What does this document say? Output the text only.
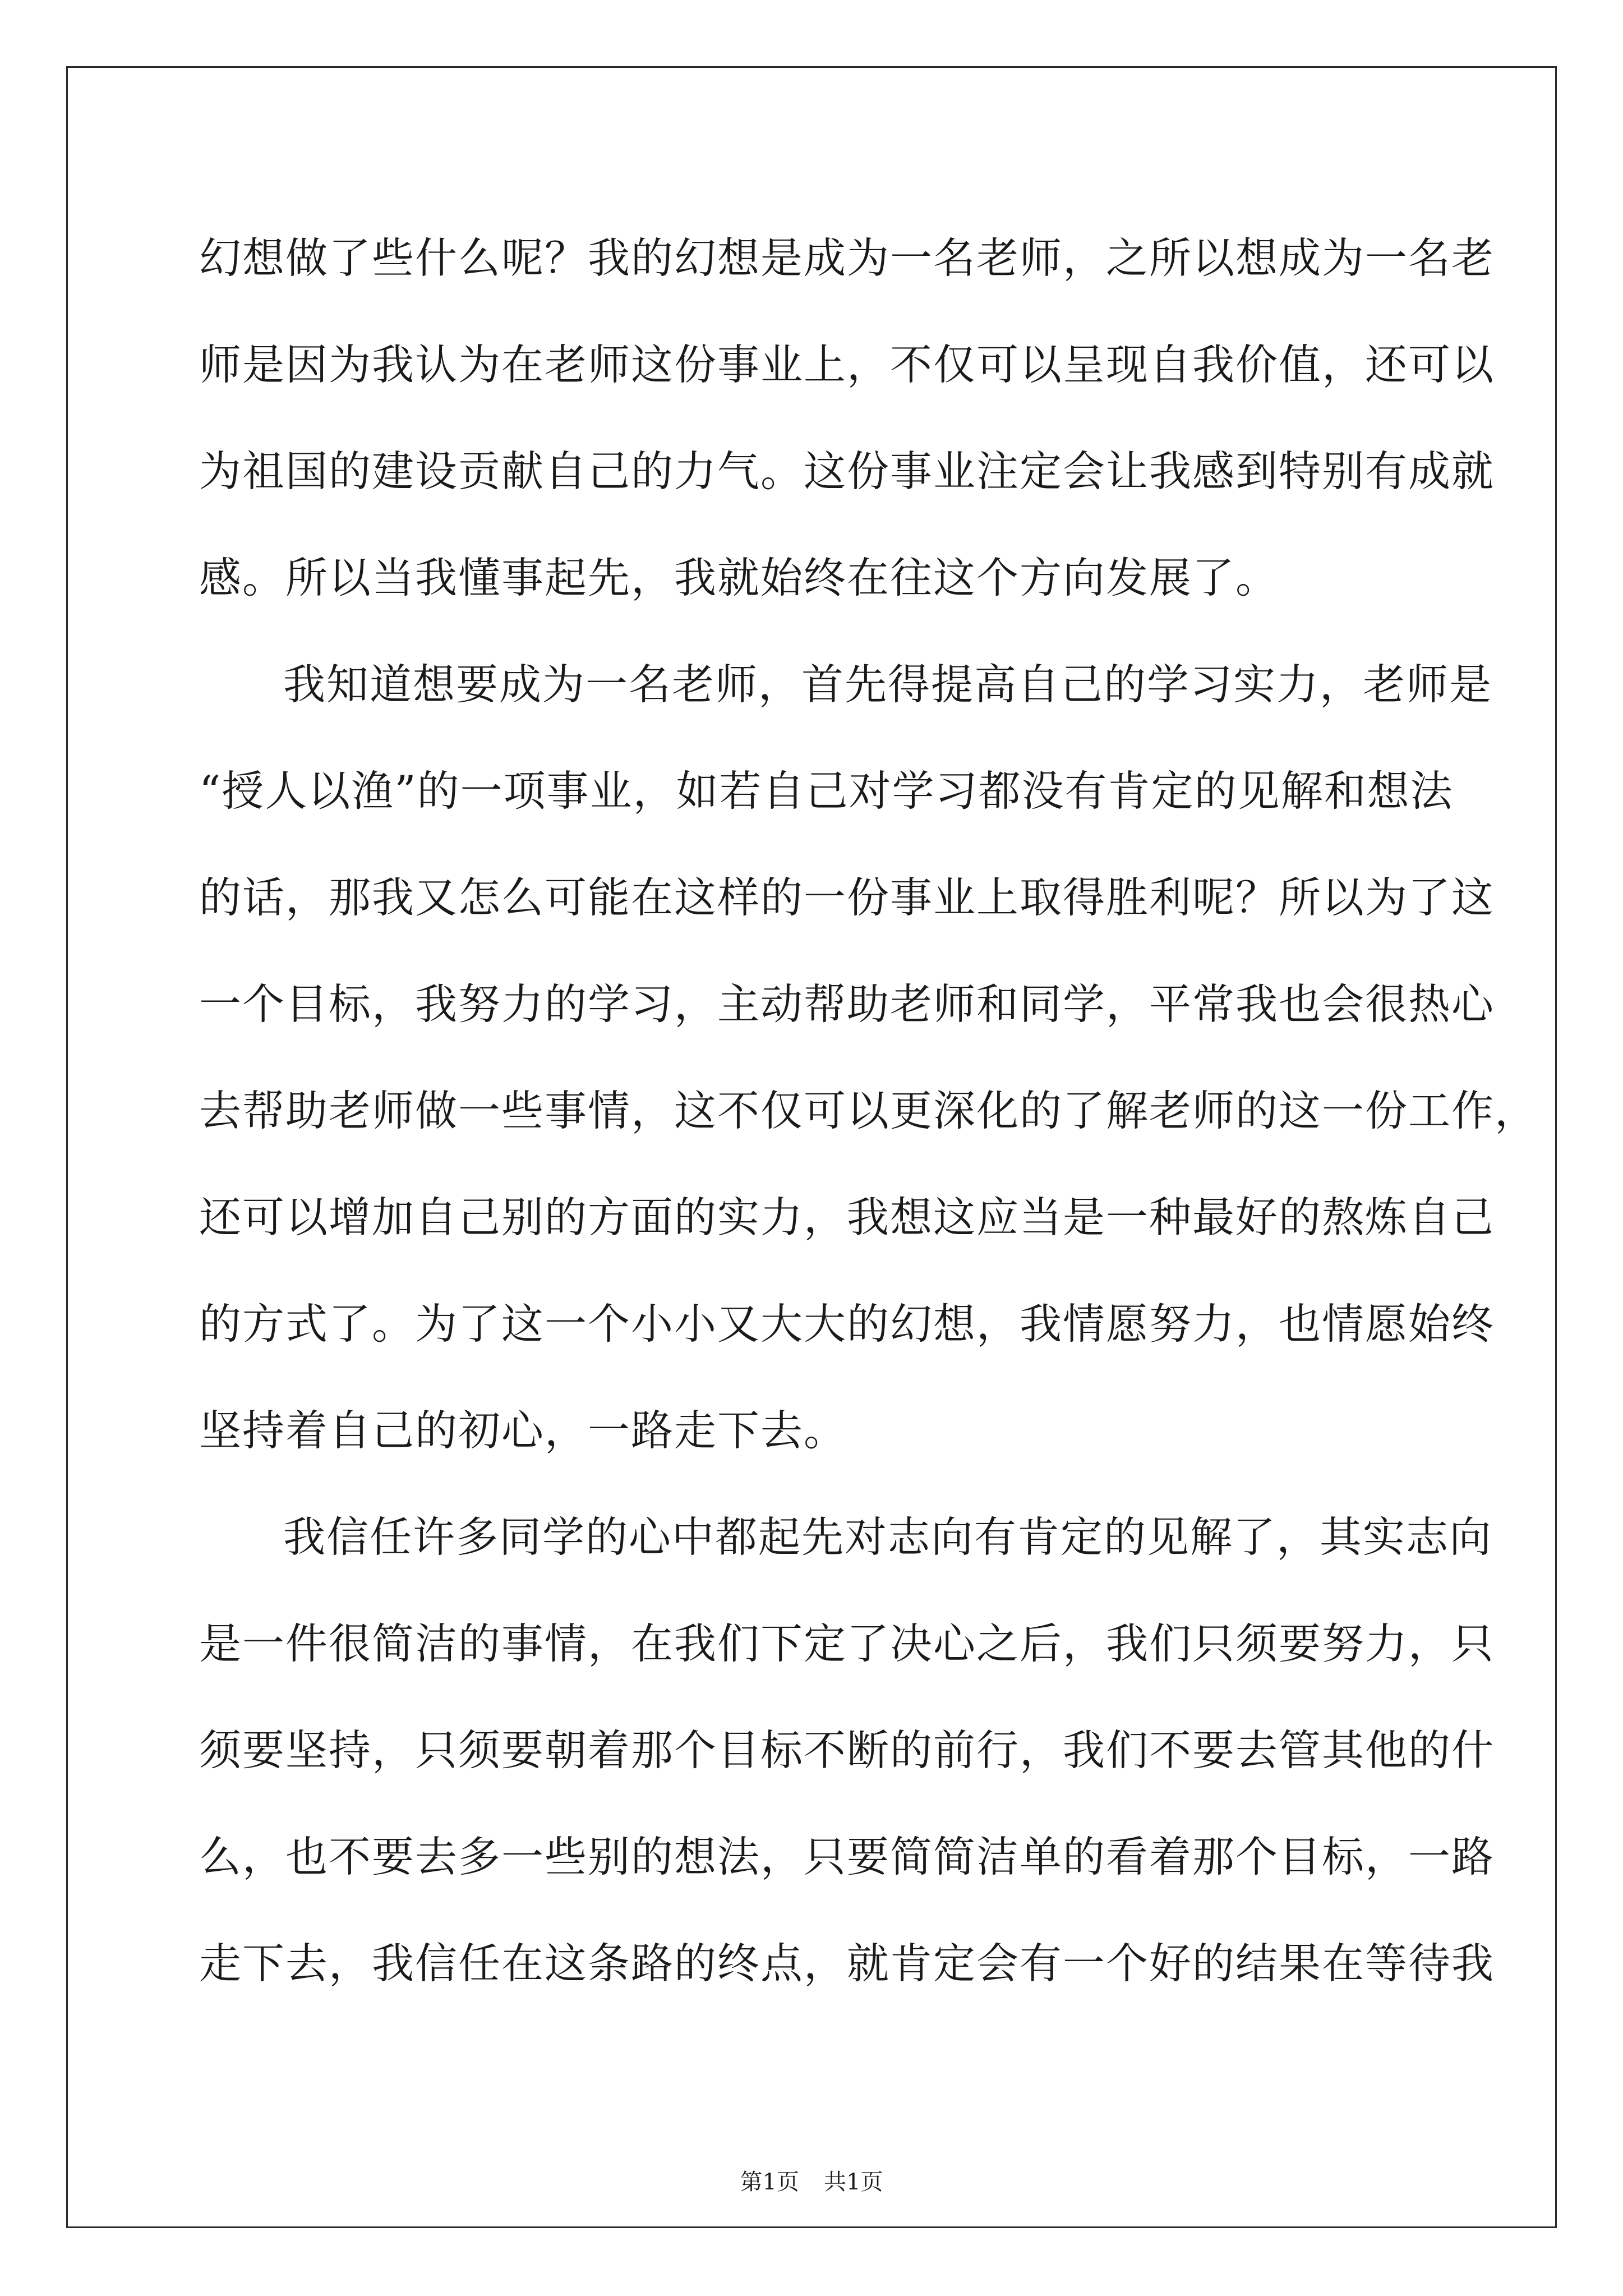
幻想做了些什么呢？我的幻想是成为一名老师，之所以想成为一名老
师是因为我认为在老师这份事业上，不仅可以呈现自我价值，还可以
为祖国的建设贡献自己的力气。这份事业注定会让我感到特别有成就
感。所以当我懂事起先，我就始终在往这个方向发展了。
我知道想要成为一名老师，首先得提高自己的学习实力，老师是
“授人以渔”的一项事业，如若自己对学习都没有肯定的见解和想法
的话，那我又怎么可能在这样的一份事业上取得胜利呢？所以为了这
一个目标，我努力的学习，主动帮助老师和同学，平常我也会很热心
去帮助老师做一些事情，这不仅可以更深化的了解老师的这一份工作，
还可以增加自己别的方面的实力，我想这应当是一种最好的熬炼自己
的方式了。为了这一个小小又大大的幻想，我情愿努力，也情愿始终
坚持着自己的初心，一路走下去。
我信任许多同学的心中都起先对志向有肯定的见解了，其实志向
是一件很简洁的事情，在我们下定了决心之后，我们只须要努力，只
须要坚持，只须要朝着那个目标不断的前行，我们不要去管其他的什
么，也不要去多一些别的想法，只要简简洁单的看着那个目标，一路
走下去，我信任在这条路的终点，就肯定会有一个好的结果在等待我
第1页 共1页
